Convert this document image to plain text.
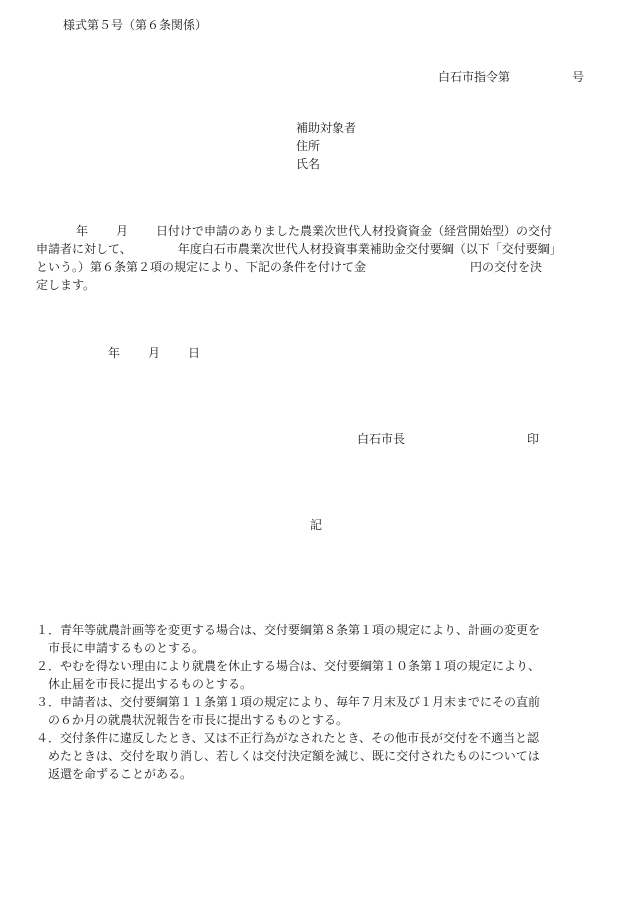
様式第５号（第６条関係）
白石市指令第	号
補助対象者
住所
氏名
年 月 日付けで申請のありました農業次世代人材投資資金（経営開始型）の交付
申請者に対して、	年度白石市農業次世代人材投資事業補助金交付要綱（以下「交付要綱」
という。）第６条第２項の規定により、下記の条件を付けて金	円の交付を決
定します。
年 月 日
白石市長	印
記
１．青年等就農計画等を変更する場合は、交付要綱第８条第１項の規定により、計画の変更を
市長に申請するものとする。
２．やむを得ない理由により就農を休止する場合は、交付要綱第１０条第１項の規定により、
休止届を市長に提出するものとする。
３．申請者は、交付要綱第１１条第１項の規定により、毎年７月末及び１月末までにその直前
の６か月の就農状況報告を市長に提出するものとする。
４．交付条件に違反したとき、又は不正行為がなされたとき、その他市長が交付を不適当と認
めたときは、交付を取り消し、若しくは交付決定額を減じ、既に交付されたものについては
返還を命ずることがある。
